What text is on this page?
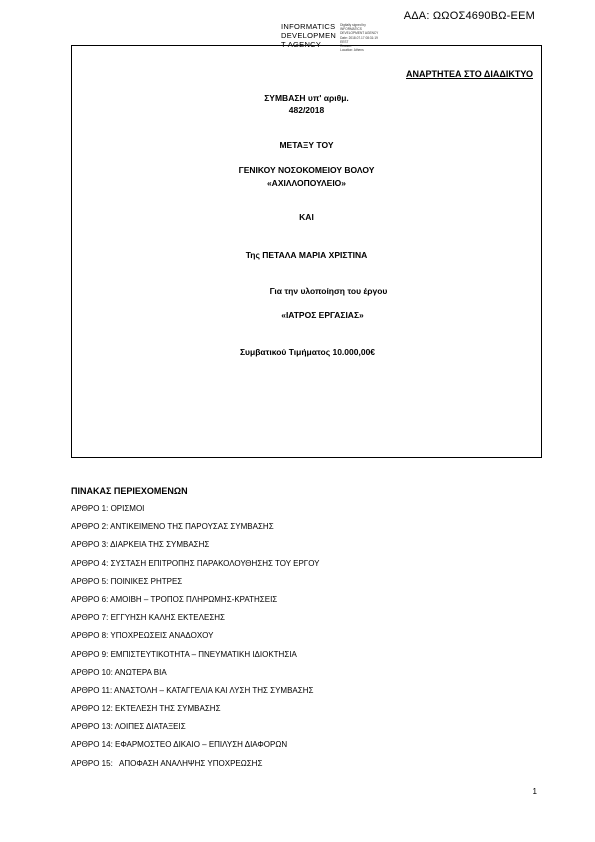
ΑΔΑ: ΩΩΟΣ4690ΒΩ-ΕΕΜ
INFORMATICS
DEVELOPMEN
T AGENCY
Digitally signed by
INFORMATICS
DEVELOPMENT AGENCY
Date: 2018.07.17 08:31:19
EEST
Reason:
Location: Athens
ΑΝΑΡΤΗΤΕΑ ΣΤΟ ΔΙΑΔΙΚΤΥΟ
ΣΥΜΒΑΣΗ υπ' αριθμ.
482/2018
ΜΕΤΑΞΥ ΤΟΥ
ΓΕΝΙΚΟΥ ΝΟΣΟΚΟΜΕΙΟΥ ΒΟΛΟΥ
«ΑΧΙΛΛΟΠΟΥΛΕΙΟ»
ΚΑΙ
Της ΠΕΤΑΛΑ ΜΑΡΙΑ ΧΡΙΣΤΙΝΑ
Για την υλοποίηση του έργου
«ΙΑΤΡΟΣ ΕΡΓΑΣΙΑΣ»
Συμβατικού Τιμήματος 10.000,00€
ΠΙΝΑΚΑΣ ΠΕΡΙΕΧΟΜΕΝΩΝ
ΑΡΘΡΟ 1: ΟΡΙΣΜΟΙ
ΑΡΘΡΟ 2: ΑΝΤΙΚΕΙΜΕΝΟ ΤΗΣ ΠΑΡΟΥΣΑΣ ΣΥΜΒΑΣΗΣ
ΑΡΘΡΟ 3: ΔΙΑΡΚΕΙΑ ΤΗΣ ΣΥΜΒΑΣΗΣ
ΑΡΘΡΟ 4: ΣΥΣΤΑΣΗ ΕΠΙΤΡΟΠΗΣ ΠΑΡΑΚΟΛΟΥΘΗΣΗΣ ΤΟΥ ΕΡΓΟΥ
ΑΡΘΡΟ 5: ΠΟΙΝΙΚΕΣ ΡΗΤΡΕΣ
ΑΡΘΡΟ 6: ΑΜΟΙΒΗ – ΤΡΟΠΟΣ ΠΛΗΡΩΜΗΣ-ΚΡΑΤΗΣΕΙΣ
ΑΡΘΡΟ 7: ΕΓΓΥΗΣΗ ΚΑΛΗΣ ΕΚΤΕΛΕΣΗΣ
ΑΡΘΡΟ 8: ΥΠΟΧΡΕΩΣΕΙΣ ΑΝΑΔΟΧΟΥ
ΑΡΘΡΟ 9: ΕΜΠΙΣΤΕΥΤΙΚΟΤΗΤΑ – ΠΝΕΥΜΑΤΙΚΗ ΙΔΙΟΚΤΗΣΙΑ
ΑΡΘΡΟ 10: ΑΝΩΤΕΡΑ ΒΙΑ
ΑΡΘΡΟ 11: ΑΝΑΣΤΟΛΗ – ΚΑΤΑΓΓΕΛΙΑ ΚΑΙ ΛΥΣΗ ΤΗΣ ΣΥΜΒΑΣΗΣ
ΑΡΘΡΟ 12: ΕΚΤΕΛΕΣΗ ΤΗΣ ΣΥΜΒΑΣΗΣ
ΑΡΘΡΟ 13: ΛΟΙΠΕΣ ΔΙΑΤΑΞΕΙΣ
ΑΡΘΡΟ 14: ΕΦΑΡΜΟΣΤΕΟ ΔΙΚΑΙΟ – ΕΠΙΛΥΣΗ ΔΙΑΦΟΡΩΝ
ΑΡΘΡΟ 15:   ΑΠΟΦΑΣΗ ΑΝΑΛΗΨΗΣ ΥΠΟΧΡΕΩΣΗΣ
1
